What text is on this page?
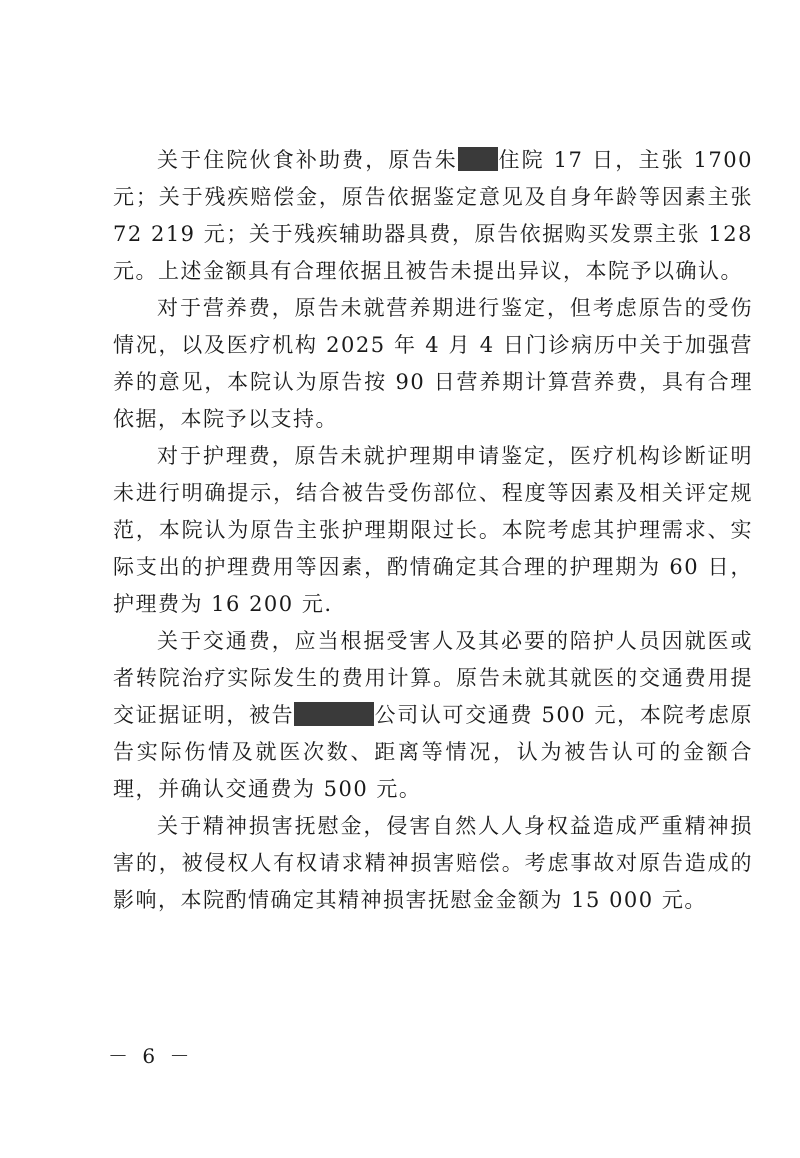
关于住院伙食补助费，原告朱 住院 17 日，主张 1700 元；关于残疾赔偿金，原告依据鉴定意见及自身年龄等因素主张 72 219 元；关于残疾辅助器具费，原告依据购买发票主张 128 元。上述金额具有合理依据且被告未提出异议，本院予以确认。

对于营养费，原告未就营养期进行鉴定，但考虑原告的受伤情况，以及医疗机构 2025 年 4 月 4 日门诊病历中关于加强营养的意见，本院认为原告按 90 日营养期计算营养费，具有合理依据，本院予以支持。

对于护理费，原告未就护理期申请鉴定，医疗机构诊断证明未进行明确提示，结合被告受伤部位、程度等因素及相关评定规范，本院认为原告主张护理期限过长。本院考虑其护理需求、实际支出的护理费用等因素，酌情确定其合理的护理期为 60 日，护理费为 16 200 元.

关于交通费，应当根据受害人及其必要的陪护人员因就医或者转院治疗实际发生的费用计算。原告未就其就医的交通费用提交证据证明，被告	公司认可交通费 500 元，本院考虑原告实际伤情及就医次数、距离等情况，认为被告认可的金额合理，并确认交通费为 500 元。

关于精神损害抚慰金，侵害自然人人身权益造成严重精神损害的，被侵权人有权请求精神损害赔偿。考虑事故对原告造成的影响，本院酌情确定其精神损害抚慰金金额为 15 000 元。

－ 6 －
